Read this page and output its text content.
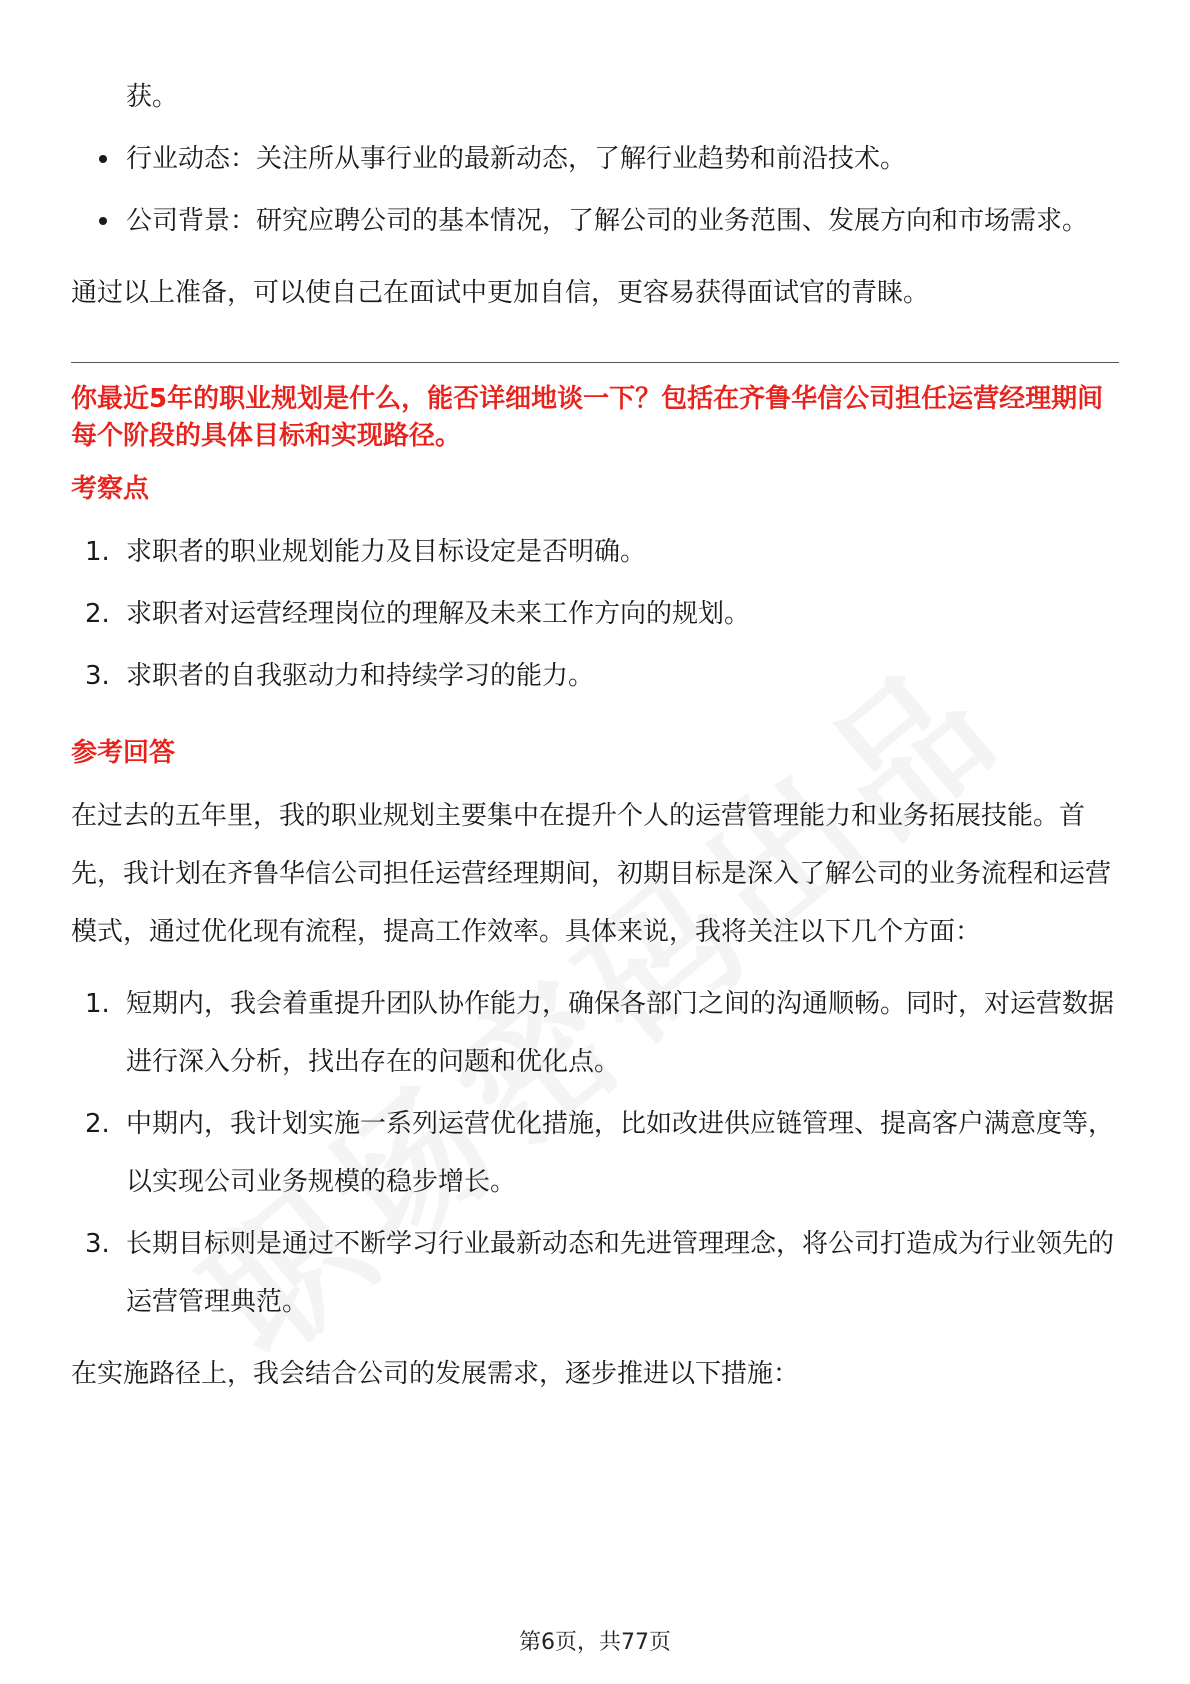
获。

行业动态：关注所从事行业的最新动态，了解行业趋势和前沿技术。

公司背景：研究应聘公司的基本情况，了解公司的业务范围、发展方向和市场需求。

通过以上准备，可以使自己在面试中更加自信，更容易获得面试官的青睐。

你最近5年的职业规划是什么，能否详细地谈一下？包括在齐鲁华信公司担任运营经理期间每个阶段的具体目标和实现路径。

考察点

1. 求职者的职业规划能力及目标设定是否明确。

2. 求职者对运营经理岗位的理解及未来工作方向的规划。

3. 求职者的自我驱动力和持续学习的能力。

参考回答

在过去的五年里，我的职业规划主要集中在提升个人的运营管理能力和业务拓展技能。首先，我计划在齐鲁华信公司担任运营经理期间，初期目标是深入了解公司的业务流程和运营模式，通过优化现有流程，提高工作效率。具体来说，我将关注以下几个方面：

1. 短期内，我会着重提升团队协作能力，确保各部门之间的沟通顺畅。同时，对运营数据进行深入分析，找出存在的问题和优化点。

2. 中期内，我计划实施一系列运营优化措施，比如改进供应链管理、提高客户满意度等，以实现公司业务规模的稳步增长。

3. 长期目标则是通过不断学习行业最新动态和先进管理理念，将公司打造成为行业领先的运营管理典范。

在实施路径上，我会结合公司的发展需求，逐步推进以下措施：

第6页，共77页
